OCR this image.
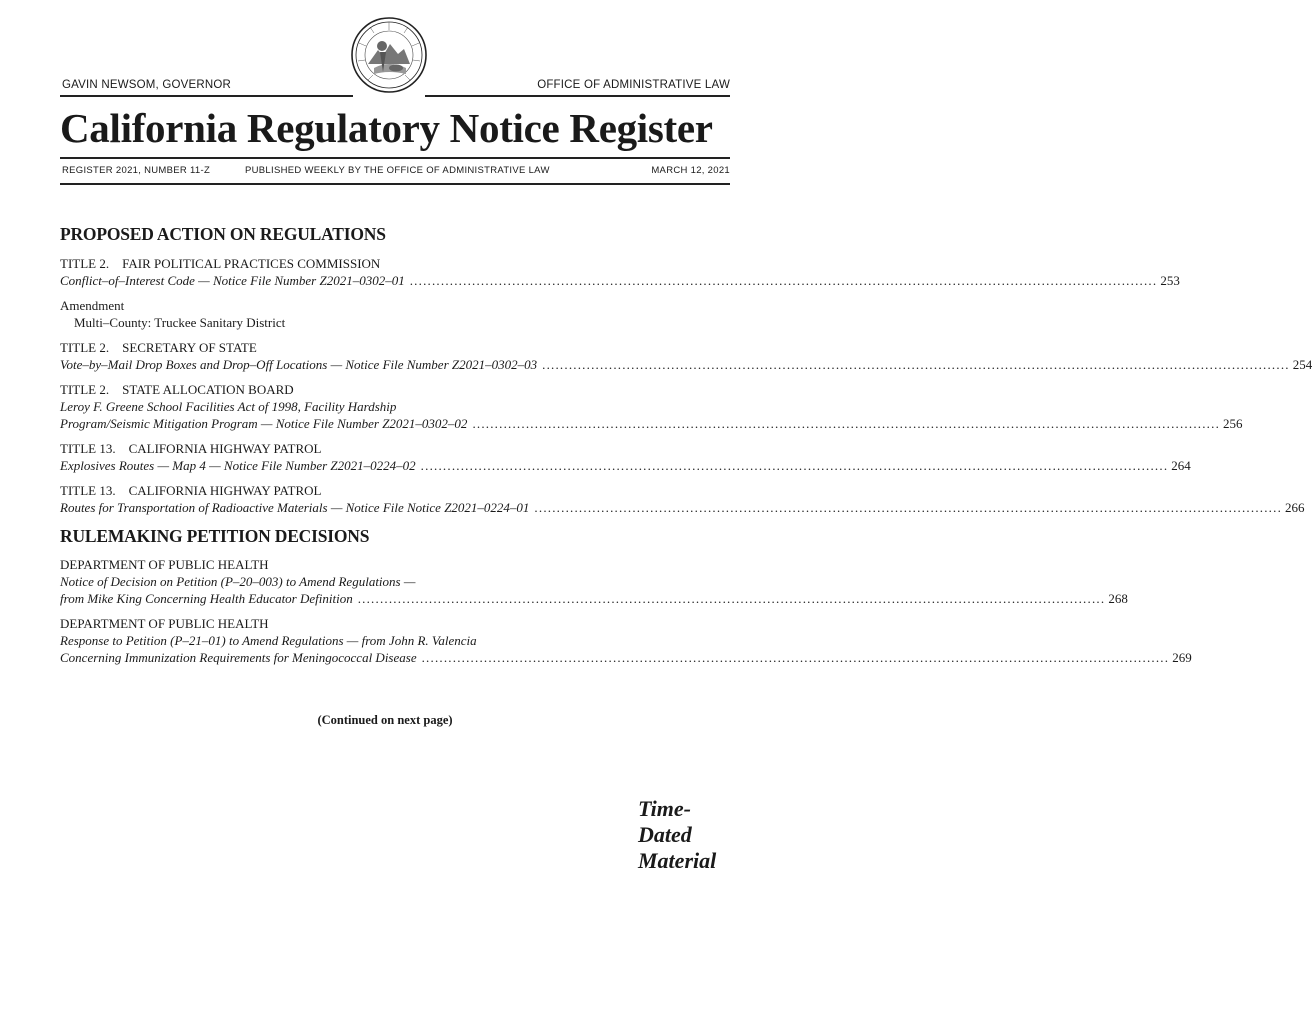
GAVIN NEWSOM, GOVERNOR	OFFICE OF ADMINISTRATIVE LAW
California Regulatory Notice Register
REGISTER 2021, NUMBER 11-Z	PUBLISHED WEEKLY BY THE OFFICE OF ADMINISTRATIVE LAW	MARCH 12, 2021
PROPOSED ACTION ON REGULATIONS
TITLE 2.    FAIR POLITICAL PRACTICES COMMISSION
Conflict–of–Interest Code — Notice File Number Z2021–0302–01 ........................................................................................................................................................................ 253
Amendment
Multi–County: Truckee Sanitary District
TITLE 2.    SECRETARY OF STATE
Vote–by–Mail Drop Boxes and Drop–Off Locations — Notice File Number Z2021–0302–03 ........................................................................................................................................................................ 254
TITLE 2.    STATE ALLOCATION BOARD
Leroy F. Greene School Facilities Act of 1998, Facility Hardship
Program/Seismic Mitigation Program — Notice File Number Z2021–0302–02 ........................................................................................................................................................................ 256
TITLE 13.    CALIFORNIA HIGHWAY PATROL
Explosives Routes — Map 4 — Notice File Number Z2021–0224–02 ........................................................................................................................................................................ 264
TITLE 13.    CALIFORNIA HIGHWAY PATROL
Routes for Transportation of Radioactive Materials — Notice File Notice Z2021–0224–01 ........................................................................................................................................................................ 266
RULEMAKING PETITION DECISIONS
DEPARTMENT OF PUBLIC HEALTH
Notice of Decision on Petition (P–20–003) to Amend Regulations —
from Mike King Concerning Health Educator Definition ........................................................................................................................................................................ 268
DEPARTMENT OF PUBLIC HEALTH
Response to Petition (P–21–01) to Amend Regulations — from John R. Valencia
Concerning Immunization Requirements for Meningococcal Disease ........................................................................................................................................................................ 269
(Continued on next page)
Time-
Dated
Material
